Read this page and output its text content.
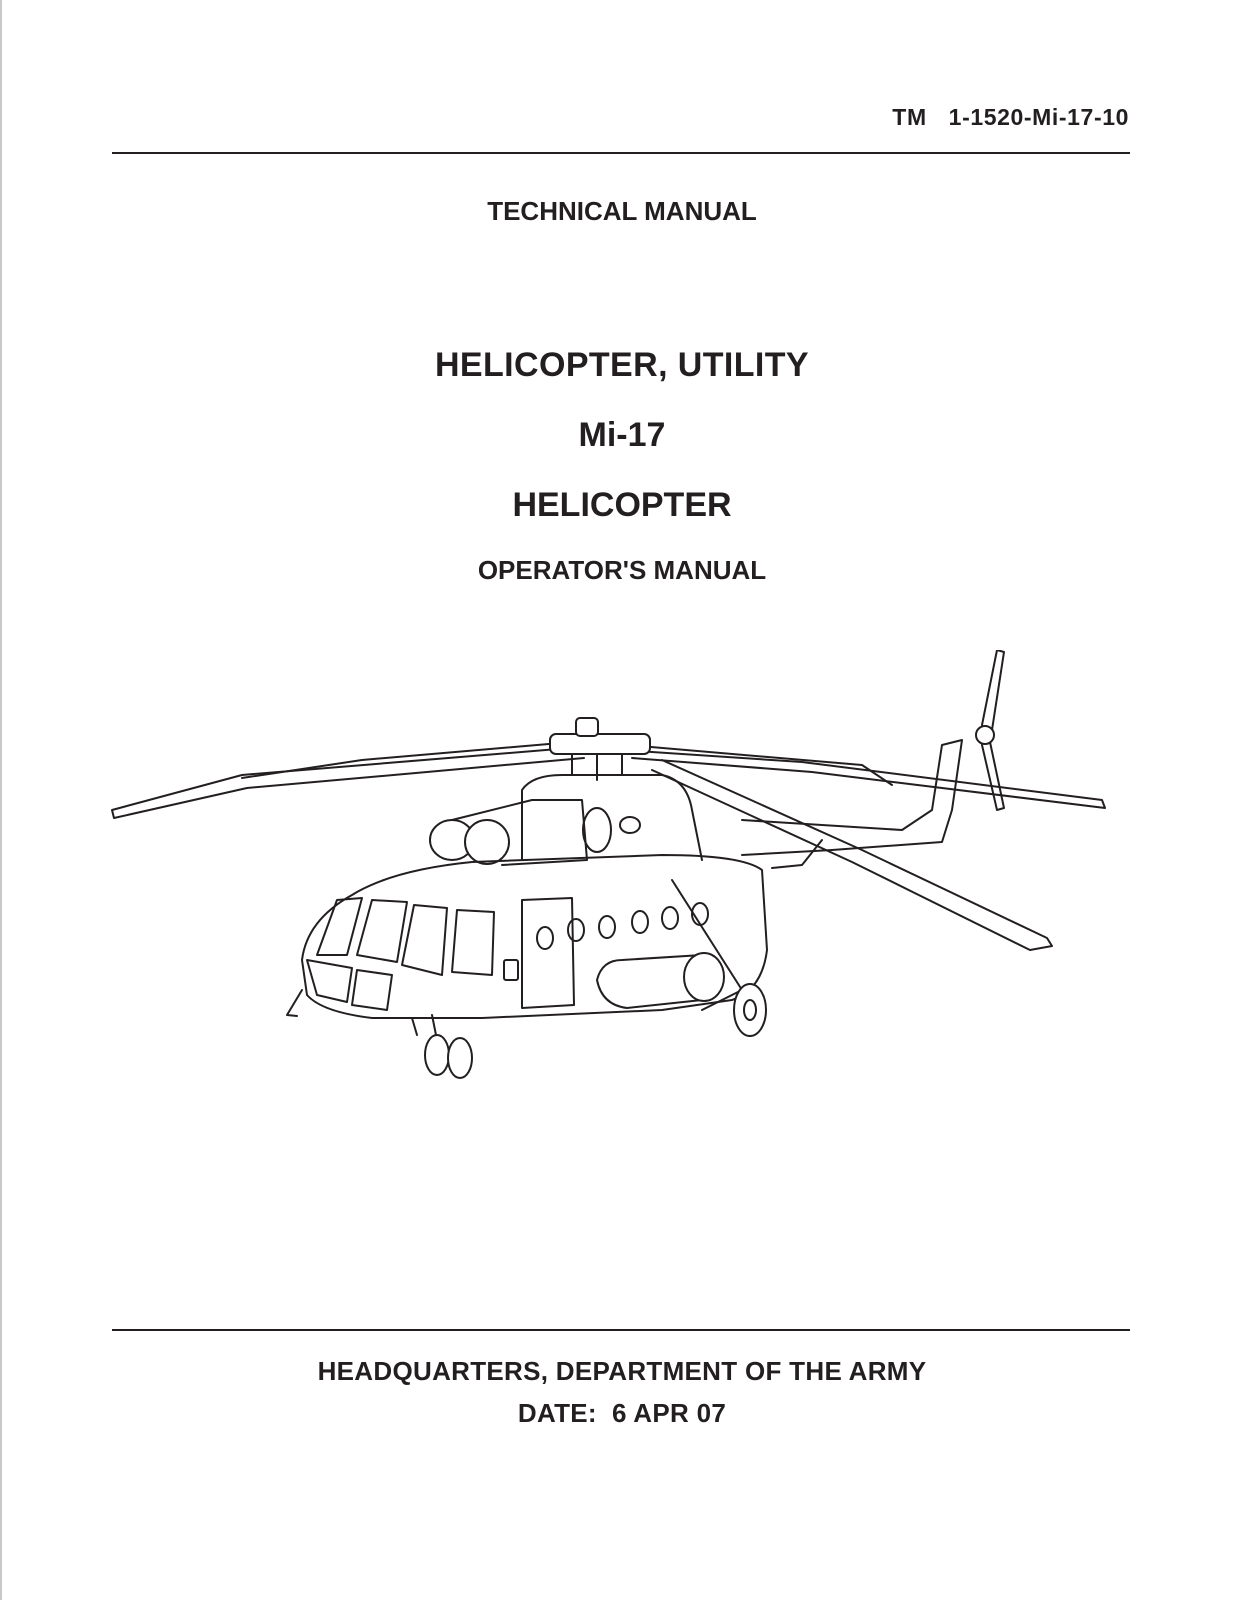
TM  1-1520-Mi-17-10
TECHNICAL MANUAL
HELICOPTER, UTILITY
Mi-17
HELICOPTER
OPERATOR'S MANUAL
HEADQUARTERS, DEPARTMENT OF THE ARMY
DATE:  6 APR 07
